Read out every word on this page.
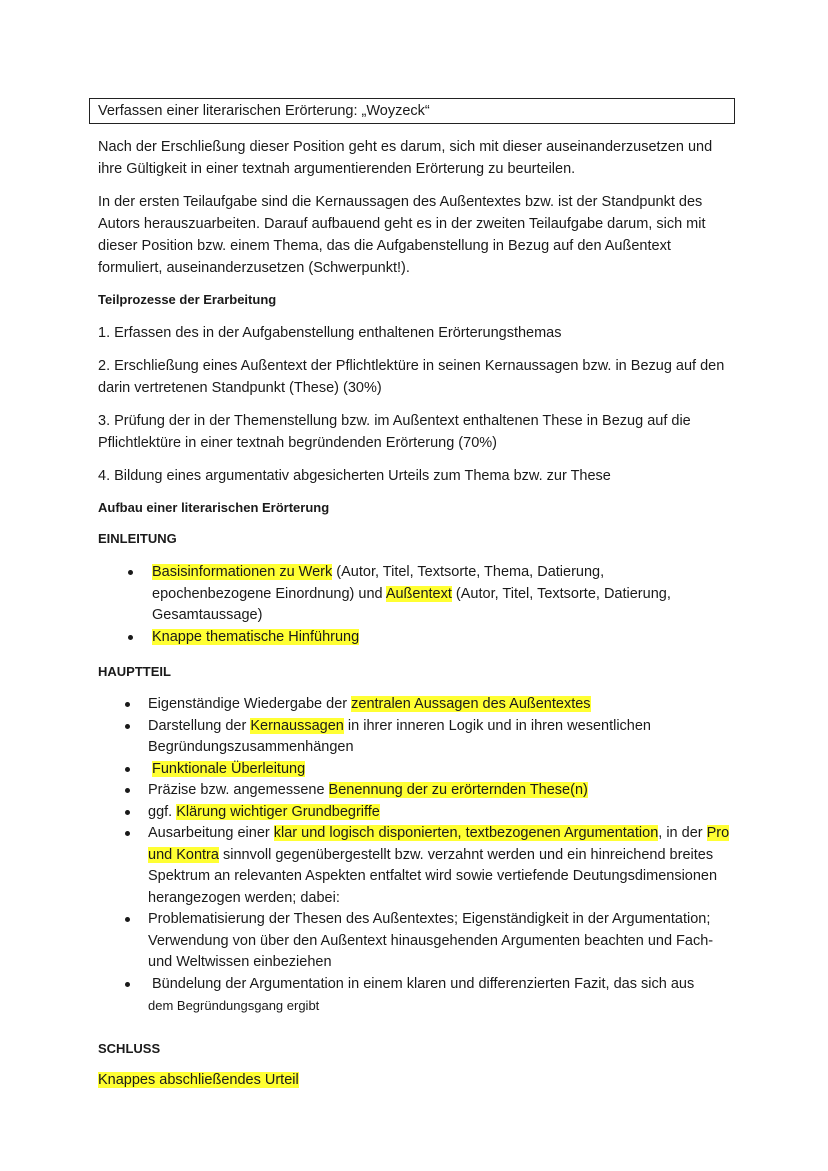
Verfassen einer literarischen Erörterung: „Woyzeck“

Nach der Erschließung dieser Position geht es darum, sich mit dieser auseinanderzusetzen und ihre Gültigkeit in einer textnah argumentierenden Erörterung zu beurteilen.

In der ersten Teilaufgabe sind die Kernaussagen des Außentextes bzw. ist der Standpunkt des Autors herauszuarbeiten. Darauf aufbauend geht es in der zweiten Teilaufgabe darum, sich mit dieser Position bzw. einem Thema, das die Aufgabenstellung in Bezug auf den Außentext formuliert, auseinanderzusetzen (Schwerpunkt!).

Teilprozesse der Erarbeitung

1. Erfassen des in der Aufgabenstellung enthaltenen Erörterungsthemas

2. Erschließung eines Außentext der Pflichtlektüre in seinen Kernaussagen bzw. in Bezug auf den darin vertretenen Standpunkt (These) (30%)

3. Prüfung der in der Themenstellung bzw. im Außentext enthaltenen These in Bezug auf die Pflichtlektüre in einer textnah begründenden Erörterung (70%)

4. Bildung eines argumentativ abgesicherten Urteils zum Thema bzw. zur These

Aufbau einer literarischen Erörterung

EINLEITUNG

Basisinformationen zu Werk (Autor, Titel, Textsorte, Thema, Datierung, epochenbezogene Einordnung) und Außentext (Autor, Titel, Textsorte, Datierung, Gesamtaussage)
Knappe thematische Hinführung

HAUPTTEIL

Eigenständige Wiedergabe der zentralen Aussagen des Außentextes
Darstellung der Kernaussagen in ihrer inneren Logik und in ihren wesentlichen Begründungszusammenhängen
Funktionale Überleitung
Präzise bzw. angemessene Benennung der zu erörternden These(n)
ggf. Klärung wichtiger Grundbegriffe
Ausarbeitung einer klar und logisch disponierten, textbezogenen Argumentation, in der Pro und Kontra sinnvoll gegenübergestellt bzw. verzahnt werden und ein hinreichend breites Spektrum an relevanten Aspekten entfaltet wird sowie vertiefende Deutungsdimensionen herangezogen werden; dabei:
Problematisierung der Thesen des Außentextes; Eigenständigkeit in der Argumentation; Verwendung von über den Außentext hinausgehenden Argumenten beachten und Fach- und Weltwissen einbeziehen
Bündelung der Argumentation in einem klaren und differenzierten Fazit, das sich aus
dem Begründungsgang ergibt

SCHLUSS

Knappes abschließendes Urteil
